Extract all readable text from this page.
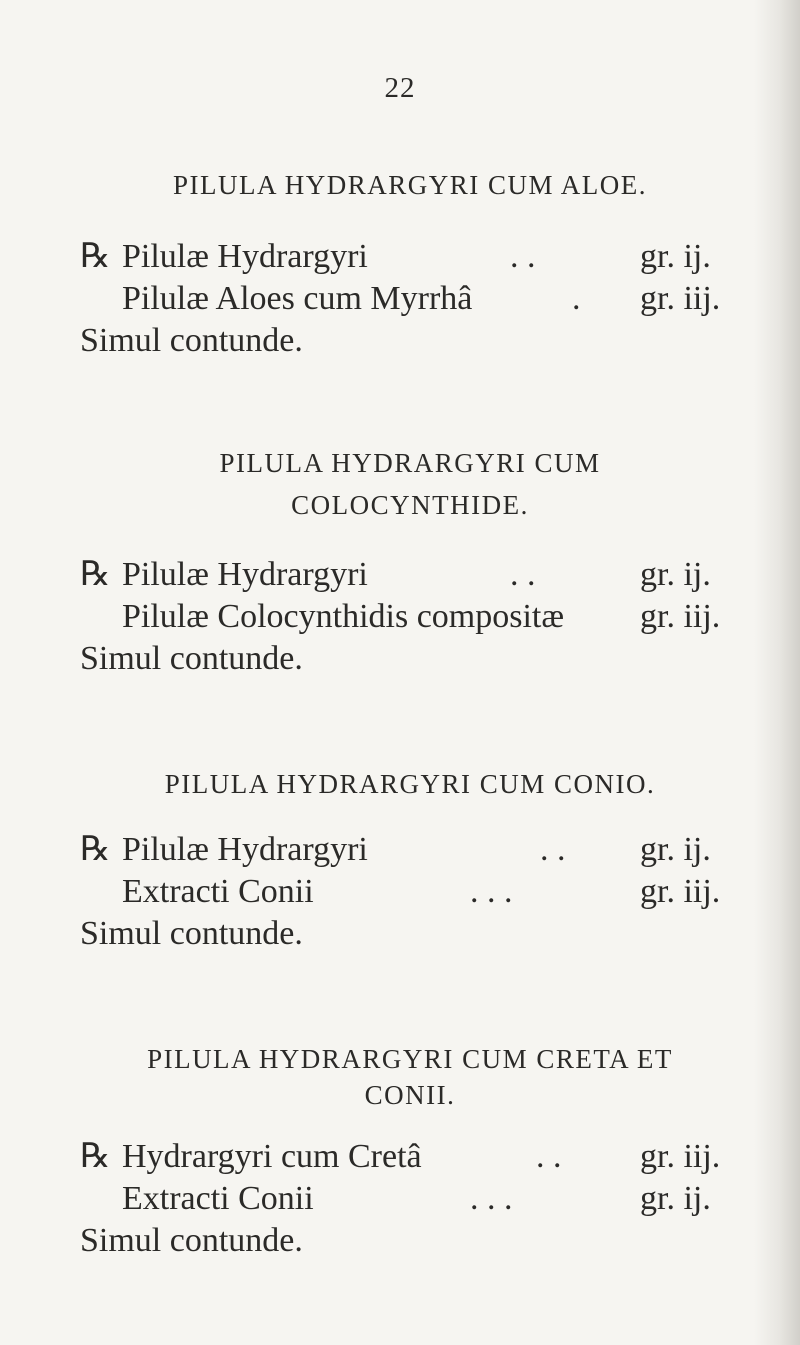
22
PILULA HYDRARGYRI CUM ALOE.
℞ Pilulæ Hydrargyri	. .	gr. ij.
Pilulæ Aloes cum Myrrhâ	. gr. iij.
Simul contunde.
PILULA HYDRARGYRI CUM
COLOCYNTHIDE.
℞ Pilulæ Hydrargyri	. .	gr. ij.
Pilulæ Colocynthidis compositæ gr. iij.
Simul contunde.
PILULA HYDRARGYRI CUM CONIO.
℞ Pilulæ Hydrargyri	. . gr. ij.
Extracti Conii	. . .	gr. iij.
Simul contunde.
PILULA HYDRARGYRI CUM CRETA ET
CONII.
℞ Hydrargyri cum Cretâ	. . gr. iij.
Extracti Conii	. . .	gr. ij.
Simul contunde.
